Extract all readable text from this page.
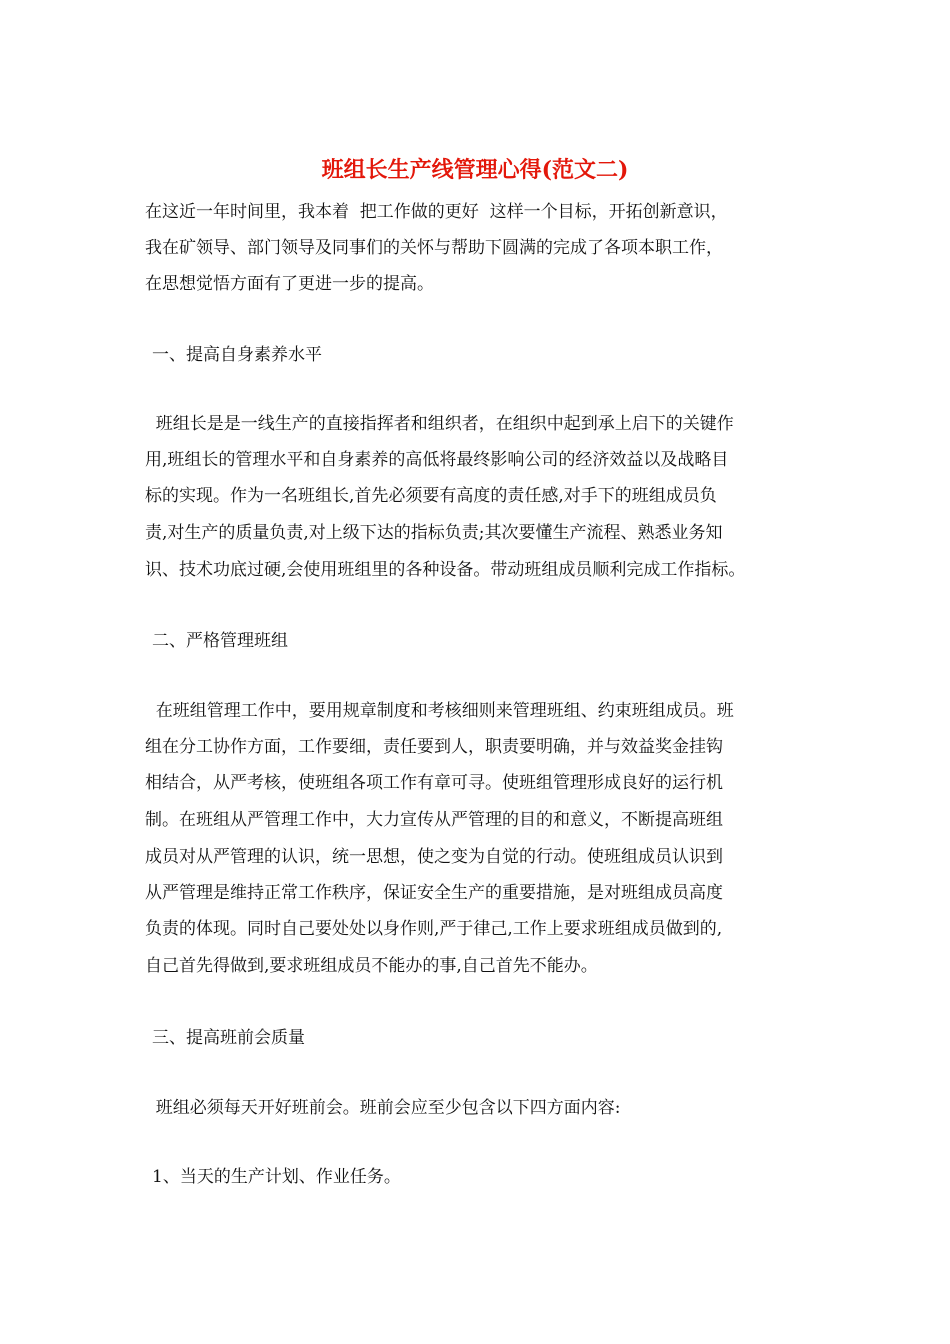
班组长生产线管理心得(范文二)
在这近一年时间里，我本着  把工作做的更好  这样一个目标，开拓创新意识，
我在矿领导、部门领导及同事们的关怀与帮助下圆满的完成了各项本职工作，
在思想觉悟方面有了更进一步的提高。
一、提高自身素养水平
班组长是是一线生产的直接指挥者和组织者，在组织中起到承上启下的关键作
用,班组长的管理水平和自身素养的高低将最终影响公司的经济效益以及战略目
标的实现。作为一名班组长,首先必须要有高度的责任感,对手下的班组成员负
责,对生产的质量负责,对上级下达的指标负责;其次要懂生产流程、熟悉业务知
识、技术功底过硬,会使用班组里的各种设备。带动班组成员顺利完成工作指标。
二、严格管理班组
在班组管理工作中，要用规章制度和考核细则来管理班组、约束班组成员。班
组在分工协作方面，工作要细，责任要到人，职责要明确，并与效益奖金挂钩
相结合，从严考核，使班组各项工作有章可寻。使班组管理形成良好的运行机
制。在班组从严管理工作中，大力宣传从严管理的目的和意义，不断提高班组
成员对从严管理的认识，统一思想，使之变为自觉的行动。使班组成员认识到
从严管理是维持正常工作秩序，保证安全生产的重要措施，是对班组成员高度
负责的体现。同时自己要处处以身作则,严于律己,工作上要求班组成员做到的,
自己首先得做到,要求班组成员不能办的事,自己首先不能办。
三、提高班前会质量
班组必须每天开好班前会。班前会应至少包含以下四方面内容:
1、当天的生产计划、作业任务。
